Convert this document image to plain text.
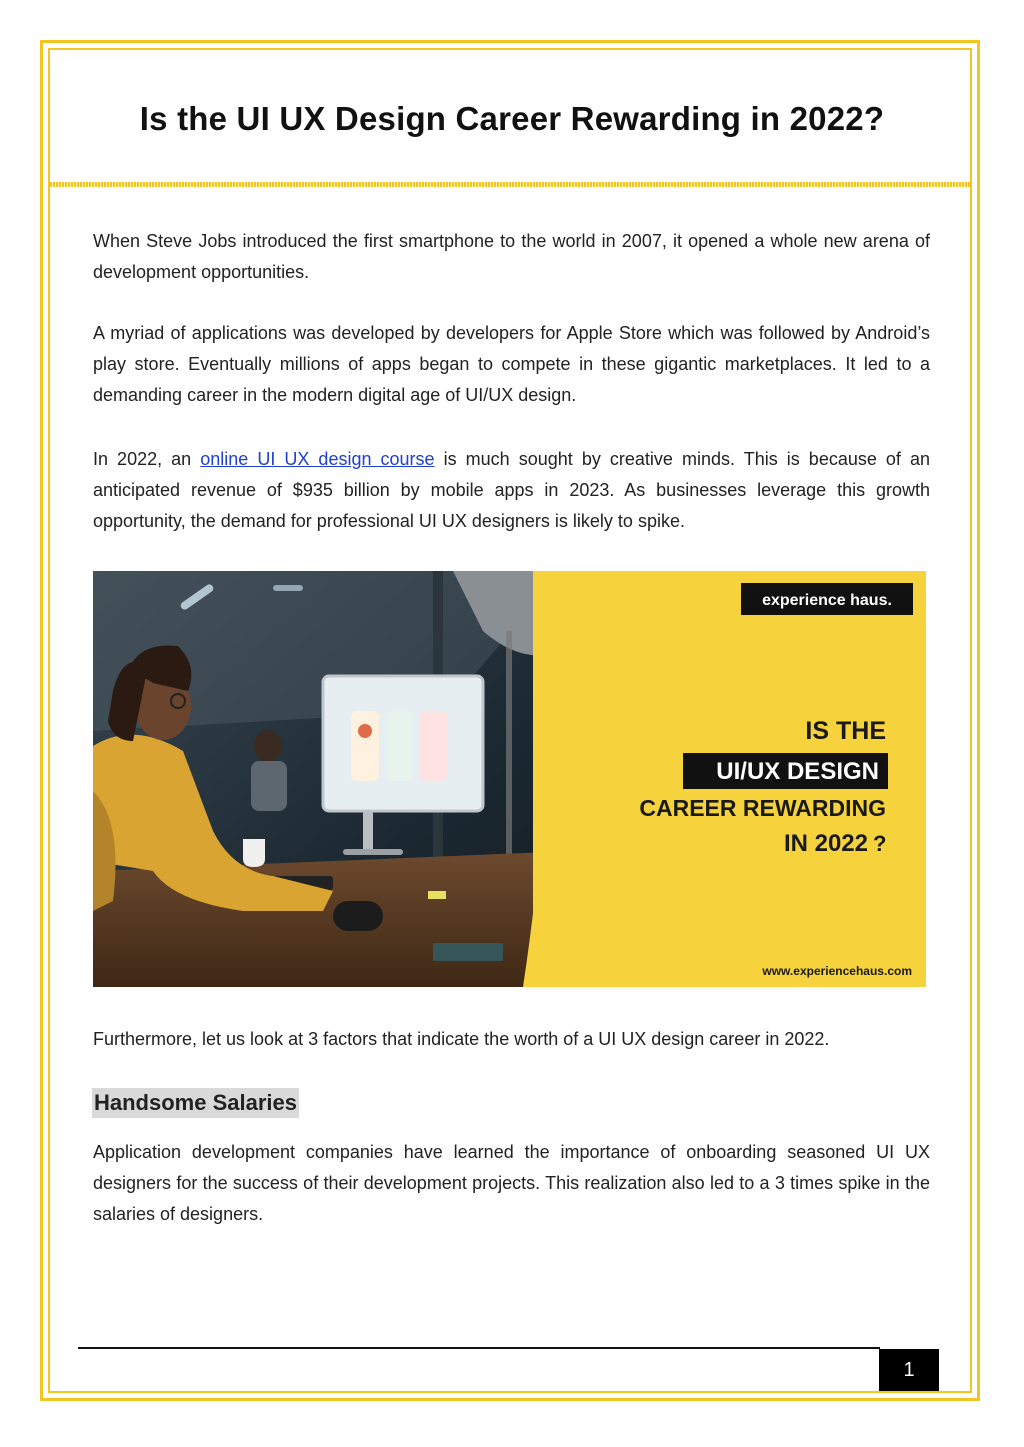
Is the UI UX Design Career Rewarding in 2022?

When Steve Jobs introduced the first smartphone to the world in 2007, it opened a whole new arena of development opportunities.

A myriad of applications was developed by developers for Apple Store which was followed by Android’s play store. Eventually millions of apps began to compete in these gigantic marketplaces. It led to a demanding career in the modern digital age of UI/UX design.

In 2022, an online UI UX design course is much sought by creative minds. This is because of an anticipated revenue of $935 billion by mobile apps in 2023. As businesses leverage this growth opportunity, the demand for professional UI UX designers is likely to spike.

experience haus.
IS THE
UI/UX DESIGN
CAREER REWARDING
IN 2022 ?
www.experiencehaus.com

Furthermore, let us look at 3 factors that indicate the worth of a UI UX design career in 2022.

Handsome Salaries

Application development companies have learned the importance of onboarding seasoned UI UX designers for the success of their development projects. This realization also led to a 3 times spike in the salaries of designers.

1
